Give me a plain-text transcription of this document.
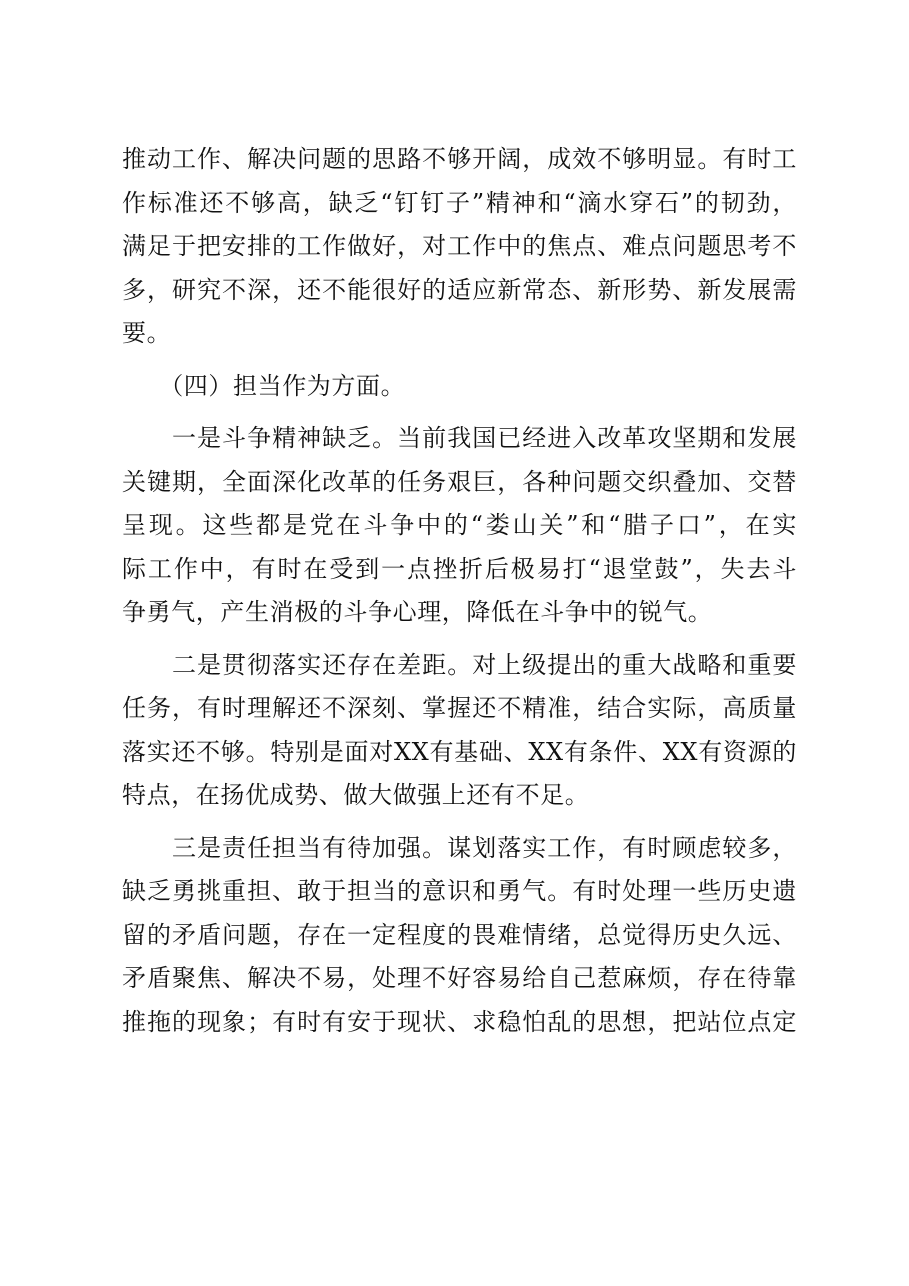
推动工作、解决问题的思路不够开阔，成效不够明显。有时工
作标准还不够高，缺乏“钉钉子”精神和“滴水穿石”的韧劲，
满足于把安排的工作做好，对工作中的焦点、难点问题思考不
多，研究不深，还不能很好的适应新常态、新形势、新发展需
要。

　　（四）担当作为方面。

　　一是斗争精神缺乏。当前我国已经进入改革攻坚期和发展
关键期，全面深化改革的任务艰巨，各种问题交织叠加、交替
呈现。这些都是党在斗争中的“娄山关”和“腊子口”，在实
际工作中，有时在受到一点挫折后极易打“退堂鼓”，失去斗
争勇气，产生消极的斗争心理，降低在斗争中的锐气。

　　二是贯彻落实还存在差距。对上级提出的重大战略和重要
任务，有时理解还不深刻、掌握还不精准，结合实际，高质量
落实还不够。特别是面对XX有基础、XX有条件、XX有资源的
特点，在扬优成势、做大做强上还有不足。

　　三是责任担当有待加强。谋划落实工作，有时顾虑较多，
缺乏勇挑重担、敢于担当的意识和勇气。有时处理一些历史遗
留的矛盾问题，存在一定程度的畏难情绪，总觉得历史久远、
矛盾聚焦、解决不易，处理不好容易给自己惹麻烦，存在待靠
推拖的现象；有时有安于现状、求稳怕乱的思想，把站位点定
